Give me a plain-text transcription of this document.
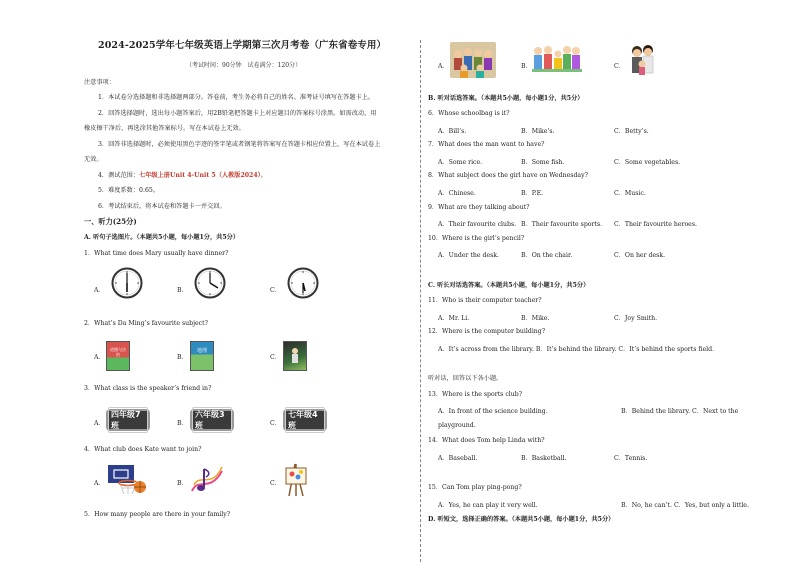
2024-2025学年七年级英语上学期第三次月考卷（广东省卷专用）
（考试时间：90分钟　试卷满分：120分）
注意事项：
1．本试卷分选择题和非选择题两部分。答卷前，考生务必将自己的姓名、准考证号填写在答题卡上。
2．回答选择题时，选出每小题答案后，用2B铅笔把答题卡上对应题目的答案标号涂黑。如需改动，用
橡皮擦干净后，再选涂其他答案标号。写在本试卷上无效。
3．回答非选择题时，必须使用黑色字迹的签字笔或者钢笔将答案写在答题卡相应位置上，写在本试卷上
无效。
4．测试范围：七年级上册Unit 4-Unit 5（人教版2024）。
5．难度系数：0.65。
6．考试结束后，将本试卷和答题卡一并交回。
一、听力(25分)
A. 听句子选图片。（本题共5小题，每小题1分，共5分）
1．What time does Mary usually have dinner?
A．	B．	C．
2．What’s Da Ming’s favourite subject?
A．
道德与法治	B．
地理
C．
3．What class is the speaker’s friend in?
A．
四年级7班	B．
六年级3班	C．
七年级4班
4．What club does Kate want to join?
A．	B．	C．
5．How many people are there in your family?
A．	B．	C．
B. 听对话选答案。（本题共5小题，每小题1分，共5分）
6．Whose schoolbag is it?
A．Bill’s.	B．Mike’s.	C．Betty’s.
7．What does the man want to have?
A．Some rice.	B．Some fish.	C．Some vegetables.
8．What subject does the girl have on Wednesday?
A．Chinese.	B．P.E.	C．Music.
9．What are they talking about?
A．Their favourite clubs. B．Their favourite sports. C．Their favourite heroes.
10．Where is the girl’s pencil?
A．Under the desk.	B．On the chair.	C．On her desk.
C. 听长对话选答案。（本题共5小题，每小题1分，共5分）
11．Who is their computer teacher?
A．Mr. Li.	B．Mike.	C．Joy Smith.
12．Where is the computer building?
A．It’s across from the library. B．It’s behind the library. C．It’s behind the sports field.
听对话，回答以下各小题。
13．Where is the sports club?
A．In front of the science building.	B．Behind the library. C．Next to the
playground.
14．What does Tom help Linda with?
A．Baseball.	B．Basketball.	C．Tennis.
15．Can Tom play ping-pong?
A．Yes, he can play it very well.	B．No, he can’t. C．Yes, but only a little.
D. 听短文，选择正确的答案。（本题共5小题，每小题1分，共5分）
